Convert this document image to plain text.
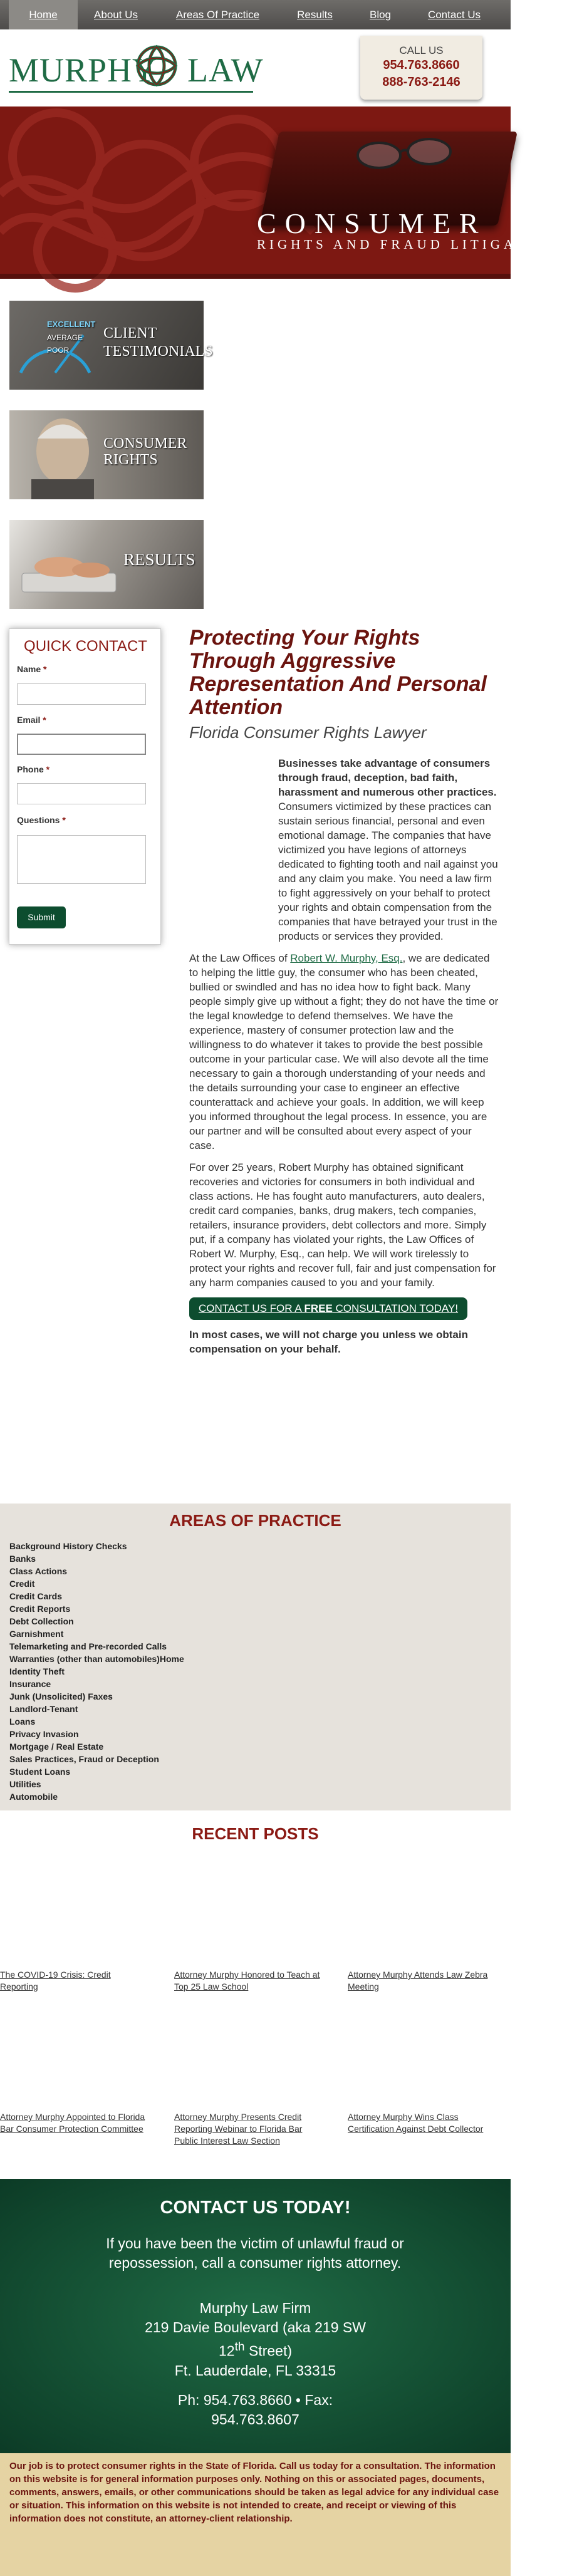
Home	About Us	Areas Of Practice	Results	Blog	Contact Us
MURPHY LAW
CALL US
954.763.8660
888-763-2146
CONSUMER
RIGHTS AND FRAUD LITIGATION
EXCELLENT
AVERAGE
POOR
CLIENT TESTIMONIALS
CONSUMER RIGHTS
RESULTS
QUICK CONTACT
Name *
Email *
Phone *
Questions *
Submit
Protecting Your Rights Through Aggressive Representation And Personal Attention
Florida Consumer Rights Lawyer

Businesses take advantage of consumers through fraud, deception, bad faith, harassment and numerous other practices. Consumers victimized by these practices can sustain serious financial, personal and even emotional damage. The companies that have victimized you have legions of attorneys dedicated to fighting tooth and nail against you and any claim you make. You need a law firm to fight aggressively on your behalf to protect your rights and obtain compensation from the companies that have betrayed your trust in the products or services they provided.

At the Law Offices of Robert W. Murphy, Esq., we are dedicated to helping the little guy, the consumer who has been cheated, bullied or swindled and has no idea how to fight back. Many people simply give up without a fight; they do not have the time or the legal knowledge to defend themselves. We have the experience, mastery of consumer protection law and the willingness to do whatever it takes to provide the best possible outcome in your particular case. We will also devote all the time necessary to gain a thorough understanding of your needs and the details surrounding your case to engineer an effective counterattack and achieve your goals. In addition, we will keep you informed throughout the legal process. In essence, you are our partner and will be consulted about every aspect of your case.

For over 25 years, Robert Murphy has obtained significant recoveries and victories for consumers in both individual and class actions. He has fought auto manufacturers, auto dealers, credit card companies, banks, drug makers, tech companies, retailers, insurance providers, debt collectors and more. Simply put, if a company has violated your rights, the Law Offices of Robert W. Murphy, Esq., can help. We will work tirelessly to protect your rights and recover full, fair and just compensation for any harm companies caused to you and your family.

CONTACT US FOR A FREE CONSULTATION TODAY!

In most cases, we will not charge you unless we obtain compensation on your behalf.

AREAS OF PRACTICE
Background History Checks
Banks
Class Actions
Credit
Credit Cards
Credit Reports
Debt Collection
Garnishment
Telemarketing and Pre-recorded Calls
Warranties (other than automobiles)Home
Identity Theft
Insurance
Junk (Unsolicited) Faxes
Landlord-Tenant
Loans
Privacy Invasion
Mortgage / Real Estate
Sales Practices, Fraud or Deception
Student Loans
Utilities
Automobile
RECENT POSTS
The COVID-19 Crisis: Credit Reporting
Attorney Murphy Honored to Teach at Top 25 Law School
Attorney Murphy Attends Law Zebra Meeting
Attorney Murphy Appointed to Florida Bar Consumer Protection Committee
Attorney Murphy Presents Credit Reporting Webinar to Florida Bar Public Interest Law Section
Attorney Murphy Wins Class Certification Against Debt Collector
CONTACT US TODAY!
If you have been the victim of unlawful fraud or repossession, call a consumer rights attorney.
Murphy Law Firm
219 Davie Boulevard (aka 219 SW
12th Street)
Ft. Lauderdale, FL 33315
Ph: 954.763.8660 • Fax: 954.763.8607

Our job is to protect consumer rights in the State of Florida. Call us today for a consultation. The information on this website is for general information purposes only. Nothing on this or associated pages, documents, comments, answers, emails, or other communications should be taken as legal advice for any individual case or situation. This information on this website is not intended to create, and receipt or viewing of this information does not constitute, an attorney-client relationship.
